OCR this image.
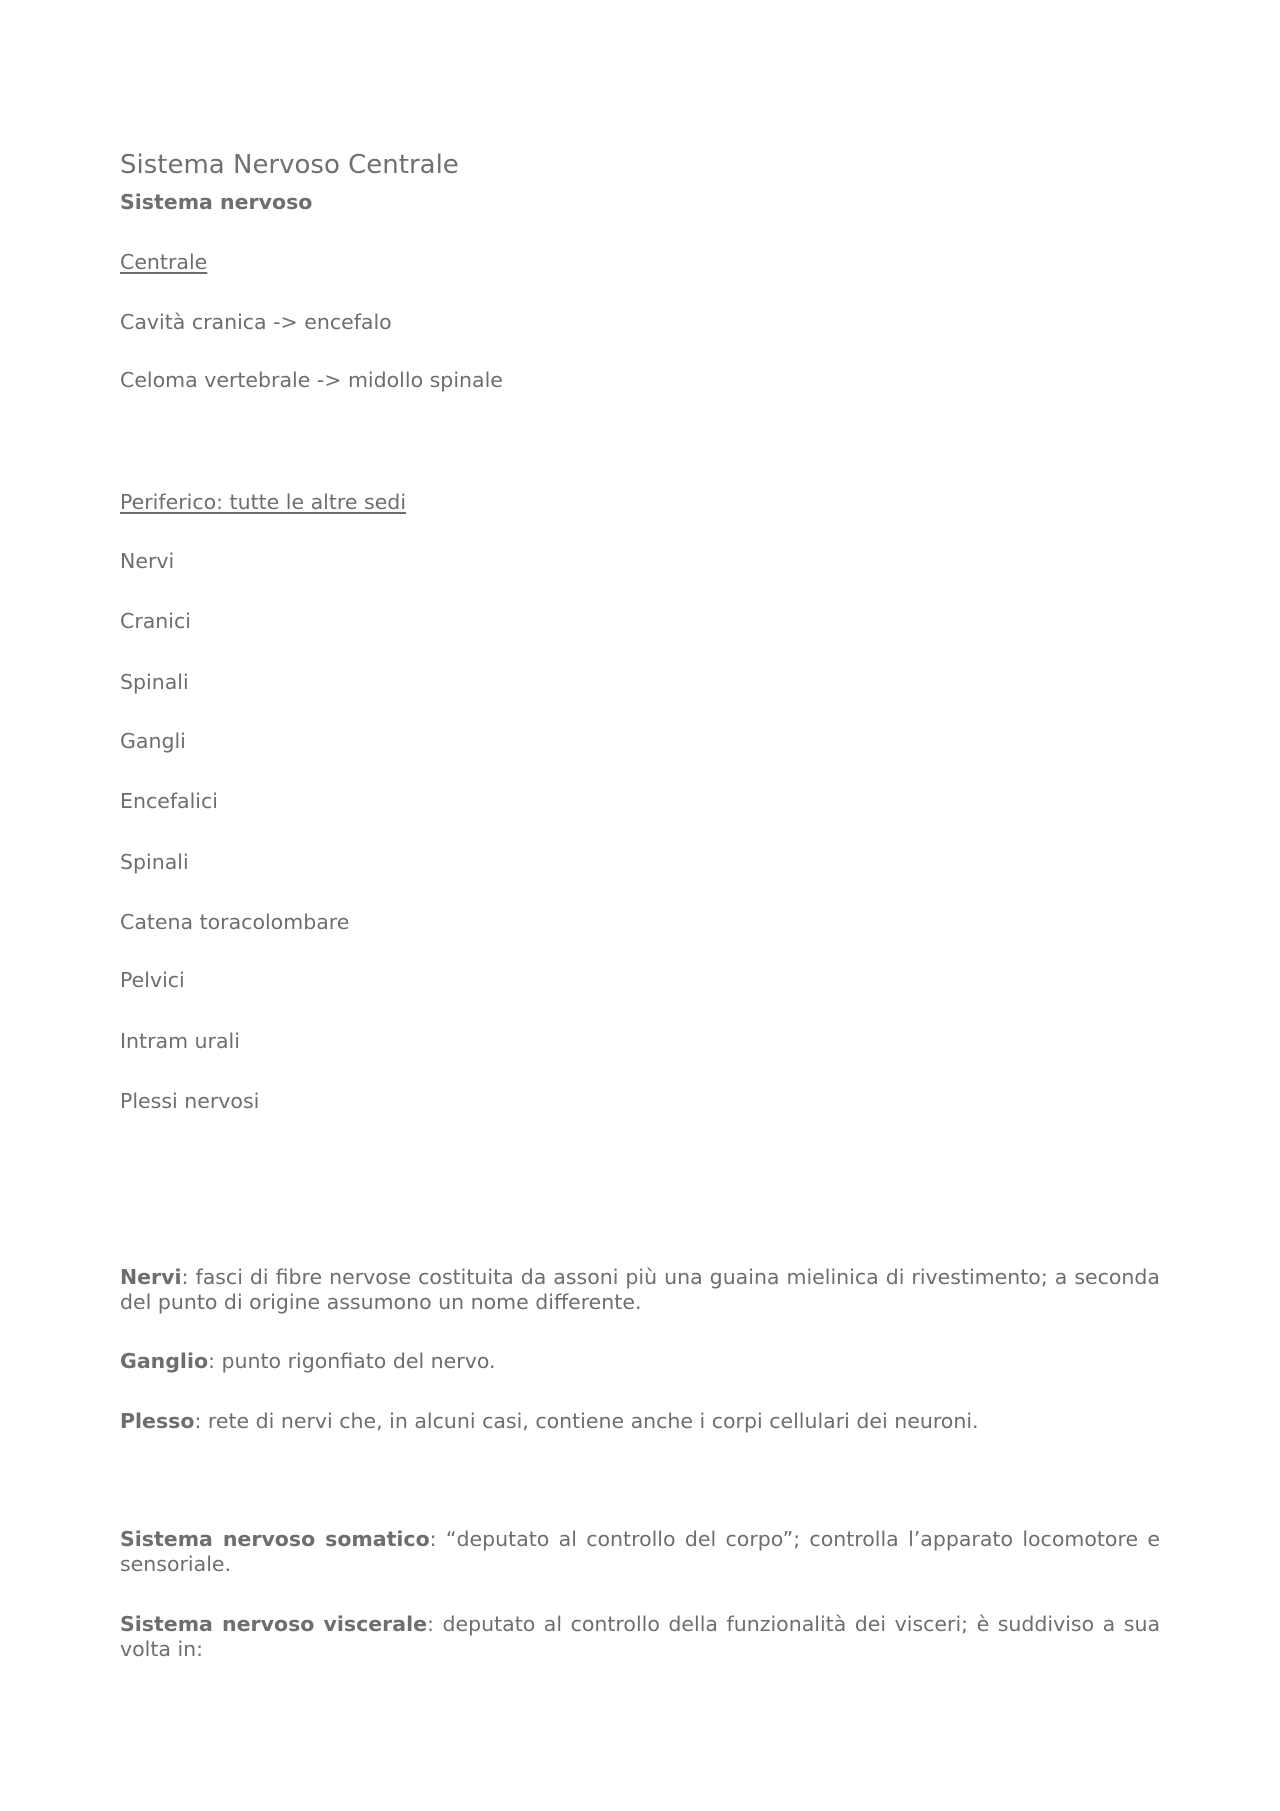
Sistema Nervoso Centrale

Sistema nervoso

Centrale

Cavità cranica -> encefalo

Celoma vertebrale -> midollo spinale

Periferico: tutte le altre sedi

Nervi

Cranici

Spinali

Gangli

Encefalici

Spinali

Catena toracolombare

Pelvici

Intram urali

Plessi nervosi

Nervi: fasci di fibre nervose costituita da assoni più una guaina mielinica di rivestimento; a seconda del punto di origine assumono un nome differente.

Ganglio: punto rigonfiato del nervo.

Plesso: rete di nervi che, in alcuni casi, contiene anche i corpi cellulari dei neuroni.

Sistema nervoso somatico: “deputato al controllo del corpo”; controlla l’apparato locomotore e sensoriale.

Sistema nervoso viscerale: deputato al controllo della funzionalità dei visceri; è suddiviso a sua volta in:
